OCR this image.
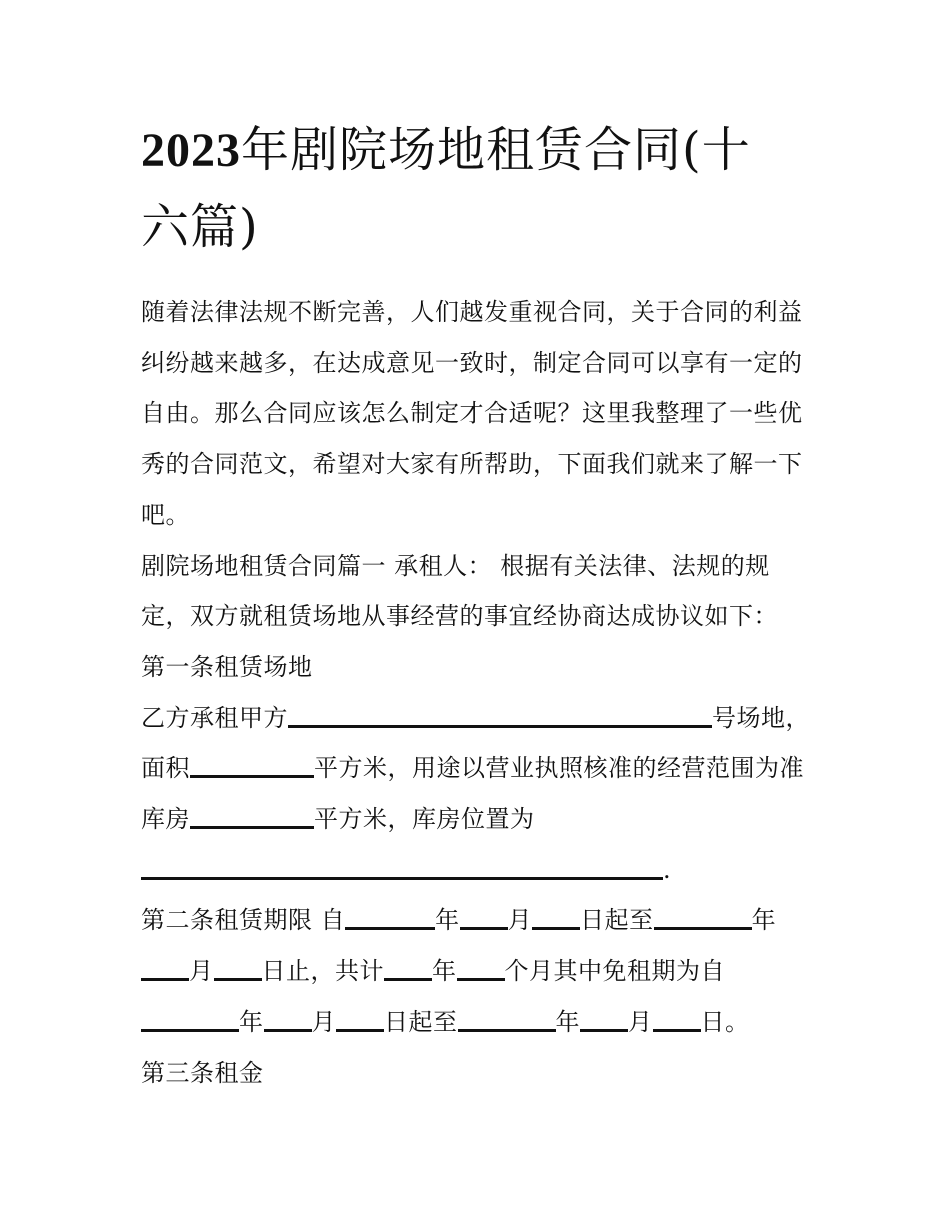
2023年剧院场地租赁合同(十
六篇)
随着法律法规不断完善，人们越发重视合同，关于合同的利益
纠纷越来越多，在达成意见一致时，制定合同可以享有一定的
自由。那么合同应该怎么制定才合适呢？这里我整理了一些优
秀的合同范文，希望对大家有所帮助，下面我们就来了解一下
吧。
剧院场地租赁合同篇一 承租人： 根据有关法律、法规的规
定，双方就租赁场地从事经营的事宜经协商达成协议如下：
第一条租赁场地
乙方承租甲方	号场地，
面积	平方米，用途以营业执照核准的经营范围为准
库房	平方米，库房位置为
.
第二条租赁期限 自	年 月 日起至	年
月 日止，共计 年 个月其中免租期为自
年 月 日起至	年 月 日。
第三条租金
